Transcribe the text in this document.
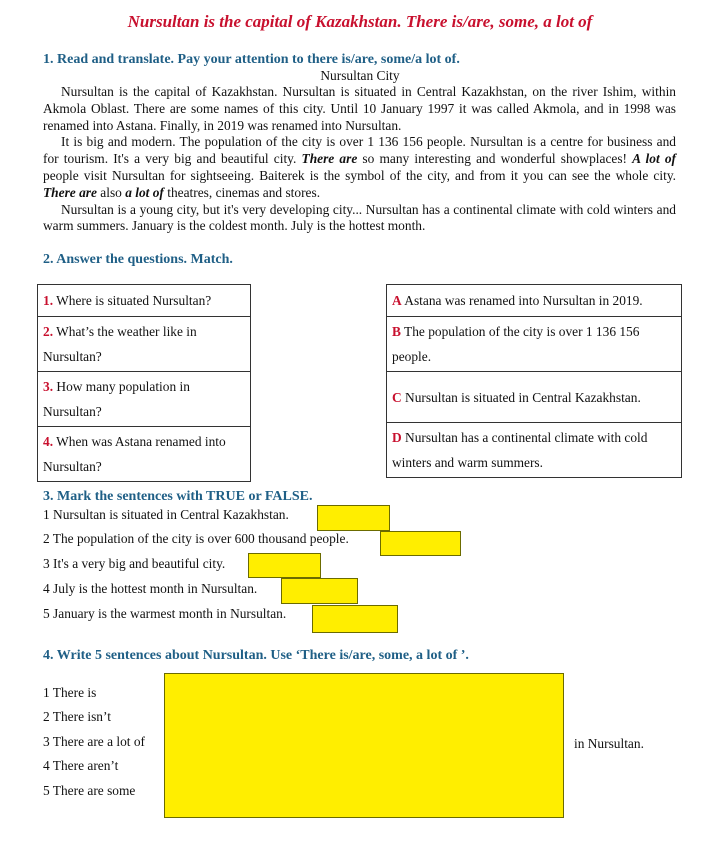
Nursultan is the capital of Kazakhstan. There is/are, some, a lot of
1. Read and translate. Pay your attention to there is/are, some/a lot of.
Nursultan City

Nursultan is the capital of Kazakhstan. Nursultan is situated in Central Kazakhstan, on the river Ishim, within Akmola Oblast. There are some names of this city. Until 10 January 1997 it was called Akmola, and in 1998 was renamed into Astana. Finally, in 2019 was renamed into Nursultan.

It is big and modern. The population of the city is over 1 136 156 people. Nursultan is a centre for business and for tourism. It's a very big and beautiful city. There are so many interesting and wonderful showplaces! A lot of people visit Nursultan for sightseeing. Baiterek is the symbol of the city, and from it you can see the whole city. There are also a lot of theatres, cinemas and stores.

Nursultan is a young city, but it's very developing city... Nursultan has a continental climate with cold winters and warm summers. January is the coldest month. July is the hottest month.

2. Answer the questions. Match.
1. Where is situated Nursultan?
2. What’s the weather like in Nursultan?
3. How many population in Nursultan?
4. When was Astana renamed into Nursultan?
A Astana was renamed into Nursultan in 2019.
B The population of the city is over 1 136 156 people.
C Nursultan is situated in Central Kazakhstan.
D Nursultan has a continental climate with cold winters and warm summers.
3. Mark the sentences with TRUE or FALSE.
1 Nursultan is situated in Central Kazakhstan.
2 The population of the city is over 600 thousand people.
3 It's a very big and beautiful city.
4 July is the hottest month in Nursultan.
5 January is the warmest month in Nursultan.
4. Write 5 sentences about Nursultan. Use ‘There is/are, some, a lot of ’.
1 There is
2 There isn’t
3 There are a lot of
4 There aren’t
5 There are some
in Nursultan.
